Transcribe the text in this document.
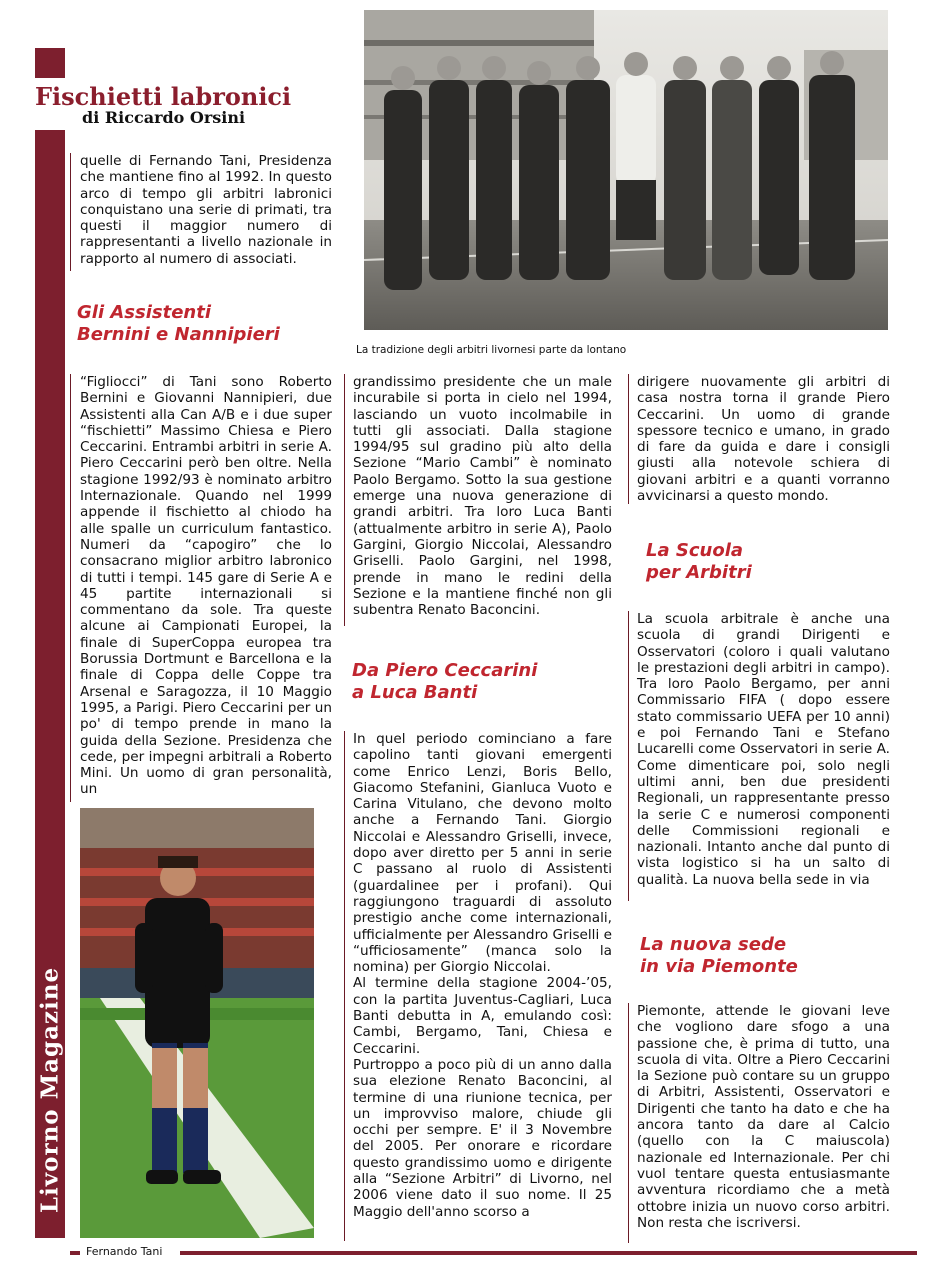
Fischietti labronici
di Riccardo Orsini
Livorno Magazine
La tradizione degli arbitri livornesi parte da lontano

quelle di Fernando Tani, Presidenza che mantiene fino al 1992. In questo arco di tempo gli arbitri labronici conquistano una serie di primati, tra questi il maggior numero di rappresentanti a livello nazionale in rapporto al numero di associati.

Gli Assistenti
Bernini e Nannipieri

“Figliocci” di Tani sono Roberto Bernini e Giovanni Nannipieri, due Assistenti alla Can A/B e i due super “fischietti” Massimo Chiesa e Piero Ceccarini. Entrambi arbitri in serie A. Piero Ceccarini però ben oltre. Nella stagione 1992/93 è nominato arbitro Internazionale. Quando nel 1999 appende il fischietto al chiodo ha alle spalle un curriculum fantastico. Numeri da “capogiro” che lo consacrano miglior arbitro labronico di tutti i tempi. 145 gare di Serie A e 45 partite internazionali si commentano da sole. Tra queste alcune ai Campionati Europei, la finale di SuperCoppa europea tra Borussia Dortmunt e Barcellona e la finale di Coppa delle Coppe tra Arsenal e Saragozza, il 10 Maggio 1995, a Parigi. Piero Ceccarini per un po' di tempo prende in mano la guida della Sezione. Presidenza che cede, per impegni arbitrali a Roberto Mini. Un uomo di gran personalità, un

grandissimo presidente che un male incurabile si porta in cielo nel 1994, lasciando un vuoto incolmabile in tutti gli associati. Dalla stagione 1994/95 sul gradino più alto della Sezione “Mario Cambi” è nominato Paolo Bergamo. Sotto la sua gestione emerge una nuova generazione di grandi arbitri. Tra loro Luca Banti (attualmente arbitro in serie A), Paolo Gargini, Giorgio Niccolai, Alessandro Griselli. Paolo Gargini, nel 1998, prende in mano le redini della Sezione e la mantiene finché non gli subentra Renato Baconcini.

Da Piero Ceccarini
a Luca Banti

In quel periodo cominciano a fare capolino tanti giovani emergenti come Enrico Lenzi, Boris Bello, Giacomo Stefanini, Gianluca Vuoto e Carina Vitulano, che devono molto anche a Fernando Tani. Giorgio Niccolai e Alessandro Griselli, invece, dopo aver diretto per 5 anni in serie C passano al ruolo di Assistenti (guardalinee per i profani). Qui raggiungono traguardi di assoluto prestigio anche come internazionali, ufficialmente per Alessandro Griselli e “ufficiosamente” (manca solo la nomina) per Giorgio Niccolai.

Al termine della stagione 2004-’05, con la partita Juventus-Cagliari, Luca Banti debutta in A, emulando così: Cambi, Bergamo, Tani, Chiesa e Ceccarini.

Purtroppo a poco più di un anno dalla sua elezione Renato Baconcini, al termine di una riunione tecnica, per un improvviso malore, chiude gli occhi per sempre. E' il 3 Novembre del 2005. Per onorare e ricordare questo grandissimo uomo e dirigente alla “Sezione Arbitri” di Livorno, nel 2006 viene dato il suo nome. Il 25 Maggio dell'anno scorso a

dirigere nuovamente gli arbitri di casa nostra torna il grande Piero Ceccarini. Un uomo di grande spessore tecnico e umano, in grado di fare da guida e dare i consigli giusti alla notevole schiera di giovani arbitri e a quanti vorranno avvicinarsi a questo mondo.

La Scuola
per Arbitri

La scuola arbitrale è anche una scuola di grandi Dirigenti e Osservatori (coloro i quali valutano le prestazioni degli arbitri in campo). Tra loro Paolo Bergamo, per anni Commissario FIFA ( dopo essere stato commissario UEFA per 10 anni) e poi Fernando Tani e Stefano Lucarelli come Osservatori in serie A. Come dimenticare poi, solo negli ultimi anni, ben due presidenti Regionali, un rappresentante presso la serie C e numerosi componenti delle Commissioni regionali e nazionali. Intanto anche dal punto di vista logistico si ha un salto di qualità. La nuova bella sede in via

La nuova sede
in via Piemonte

Piemonte, attende le giovani leve che vogliono dare sfogo a una passione che, è prima di tutto, una scuola di vita. Oltre a Piero Ceccarini la Sezione può contare su un gruppo di Arbitri, Assistenti, Osservatori e Dirigenti che tanto ha dato e che ha ancora tanto da dare al Calcio (quello con la C maiuscola) nazionale ed Internazionale. Per chi vuol tentare questa entusiasmante avventura ricordiamo che a metà ottobre inizia un nuovo corso arbitri. Non resta che iscriversi.

Fernando Tani
